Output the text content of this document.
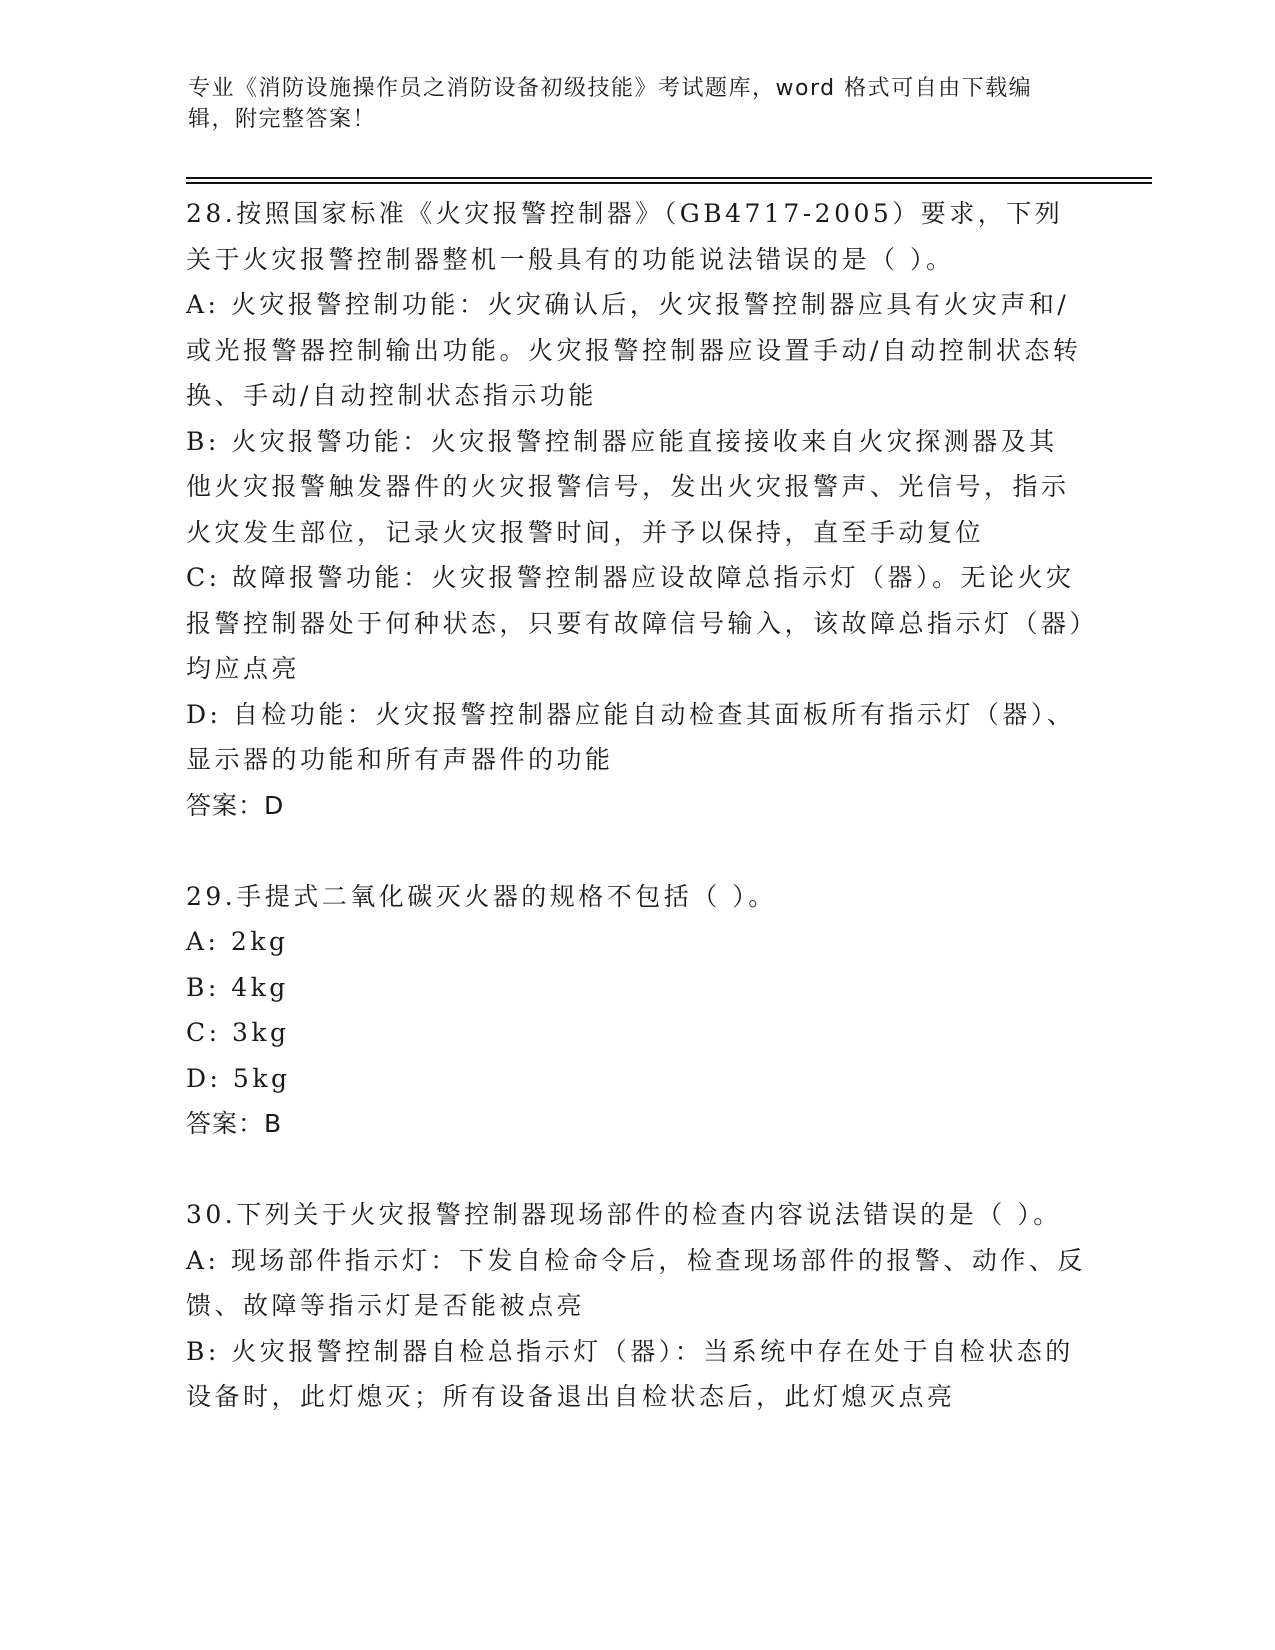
专业《消防设施操作员之消防设备初级技能》考试题库，word 格式可自由下载编辑，附完整答案！

28.按照国家标准《火灾报警控制器》（GB4717-2005）要求，下列关于火灾报警控制器整机一般具有的功能说法错误的是（ ）。

A: 火灾报警控制功能：火灾确认后，火灾报警控制器应具有火灾声和/或光报警器控制输出功能。火灾报警控制器应设置手动/自动控制状态转换、手动/自动控制状态指示功能

B: 火灾报警功能：火灾报警控制器应能直接接收来自火灾探测器及其他火灾报警触发器件的火灾报警信号，发出火灾报警声、光信号，指示火灾发生部位，记录火灾报警时间，并予以保持，直至手动复位

C: 故障报警功能：火灾报警控制器应设故障总指示灯（器）。无论火灾报警控制器处于何种状态，只要有故障信号输入，该故障总指示灯（器）均应点亮

D: 自检功能：火灾报警控制器应能自动检查其面板所有指示灯（器）、显示器的功能和所有声器件的功能

答案：D

29.手提式二氧化碳灭火器的规格不包括（ ）。

A: 2kg

B: 4kg

C: 3kg

D: 5kg

答案：B

30.下列关于火灾报警控制器现场部件的检查内容说法错误的是（ ）。

A: 现场部件指示灯：下发自检命令后，检查现场部件的报警、动作、反馈、故障等指示灯是否能被点亮

B: 火灾报警控制器自检总指示灯（器）：当系统中存在处于自检状态的设备时，此灯熄灭；所有设备退出自检状态后，此灯熄灭点亮
